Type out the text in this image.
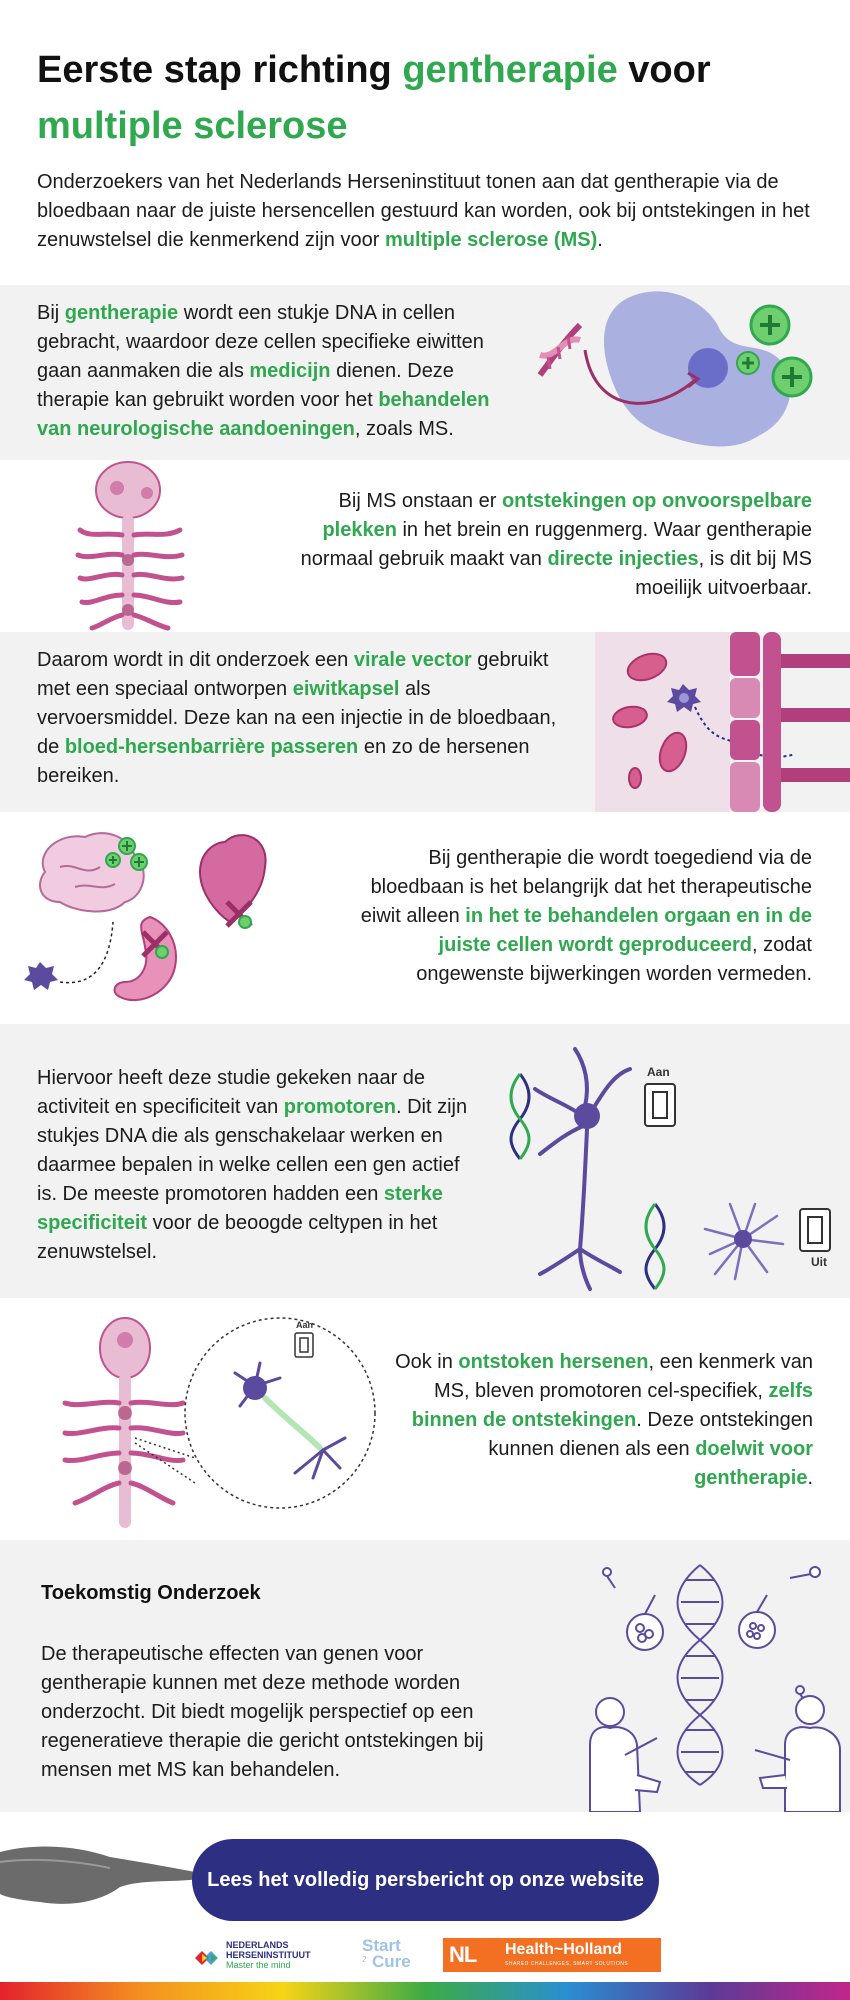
Eerste stap richting gentherapie voor
multiple sclerose

Onderzoekers van het Nederlands Herseninstituut tonen aan dat gentherapie via de bloedbaan naar de juiste hersencellen gestuurd kan worden, ook bij ontstekingen in het zenuwstelsel die kenmerkend zijn voor multiple sclerose (MS).

Bij gentherapie wordt een stukje DNA in cellen gebracht, waardoor deze cellen specifieke eiwitten gaan aanmaken die als medicijn dienen. Deze therapie kan gebruikt worden voor het behandelen van neurologische aandoeningen, zoals MS.

Bij MS onstaan er ontstekingen op onvoorspelbare plekken in het brein en ruggenmerg. Waar gentherapie normaal gebruik maakt van directe injecties, is dit bij MS moeilijk uitvoerbaar.

Daarom wordt in dit onderzoek een virale vector gebruikt met een speciaal ontworpen eiwitkapsel als vervoersmiddel. Deze kan na een injectie in de bloedbaan, de bloed-hersenbarrière passeren en zo de hersenen bereiken.

Bij gentherapie die wordt toegediend via de bloedbaan is het belangrijk dat het therapeutische eiwit alleen in het te behandelen orgaan en in de juiste cellen wordt geproduceerd, zodat ongewenste bijwerkingen worden vermeden.

Hiervoor heeft deze studie gekeken naar de activiteit en specificiteit van promotoren. Dit zijn stukjes DNA die als genschakelaar werken en daarmee bepalen in welke cellen een gen actief is. De meeste promotoren hadden een sterke specificiteit voor de beoogde celtypen in het zenuwstelsel.

Aan
Uit
Aan

Ook in ontstoken hersenen, een kenmerk van MS, bleven promotoren cel-specifiek, zelfs binnen de ontstekingen. Deze ontstekingen kunnen dienen als een doelwit voor gentherapie.

Toekomstig Onderzoek

De therapeutische effecten van genen voor gentherapie kunnen met deze methode worden onderzocht. Dit biedt mogelijk perspectief op een regeneratieve therapie die gericht ontstekingen bij mensen met MS kan behandelen.

Lees het volledig persbericht op onze website
NEDERLANDS
HERSENINSTITUUT
Master the mind
Start
2 Cure NL Health~Holland
SHARED CHALLENGES, SMART SOLUTIONS
